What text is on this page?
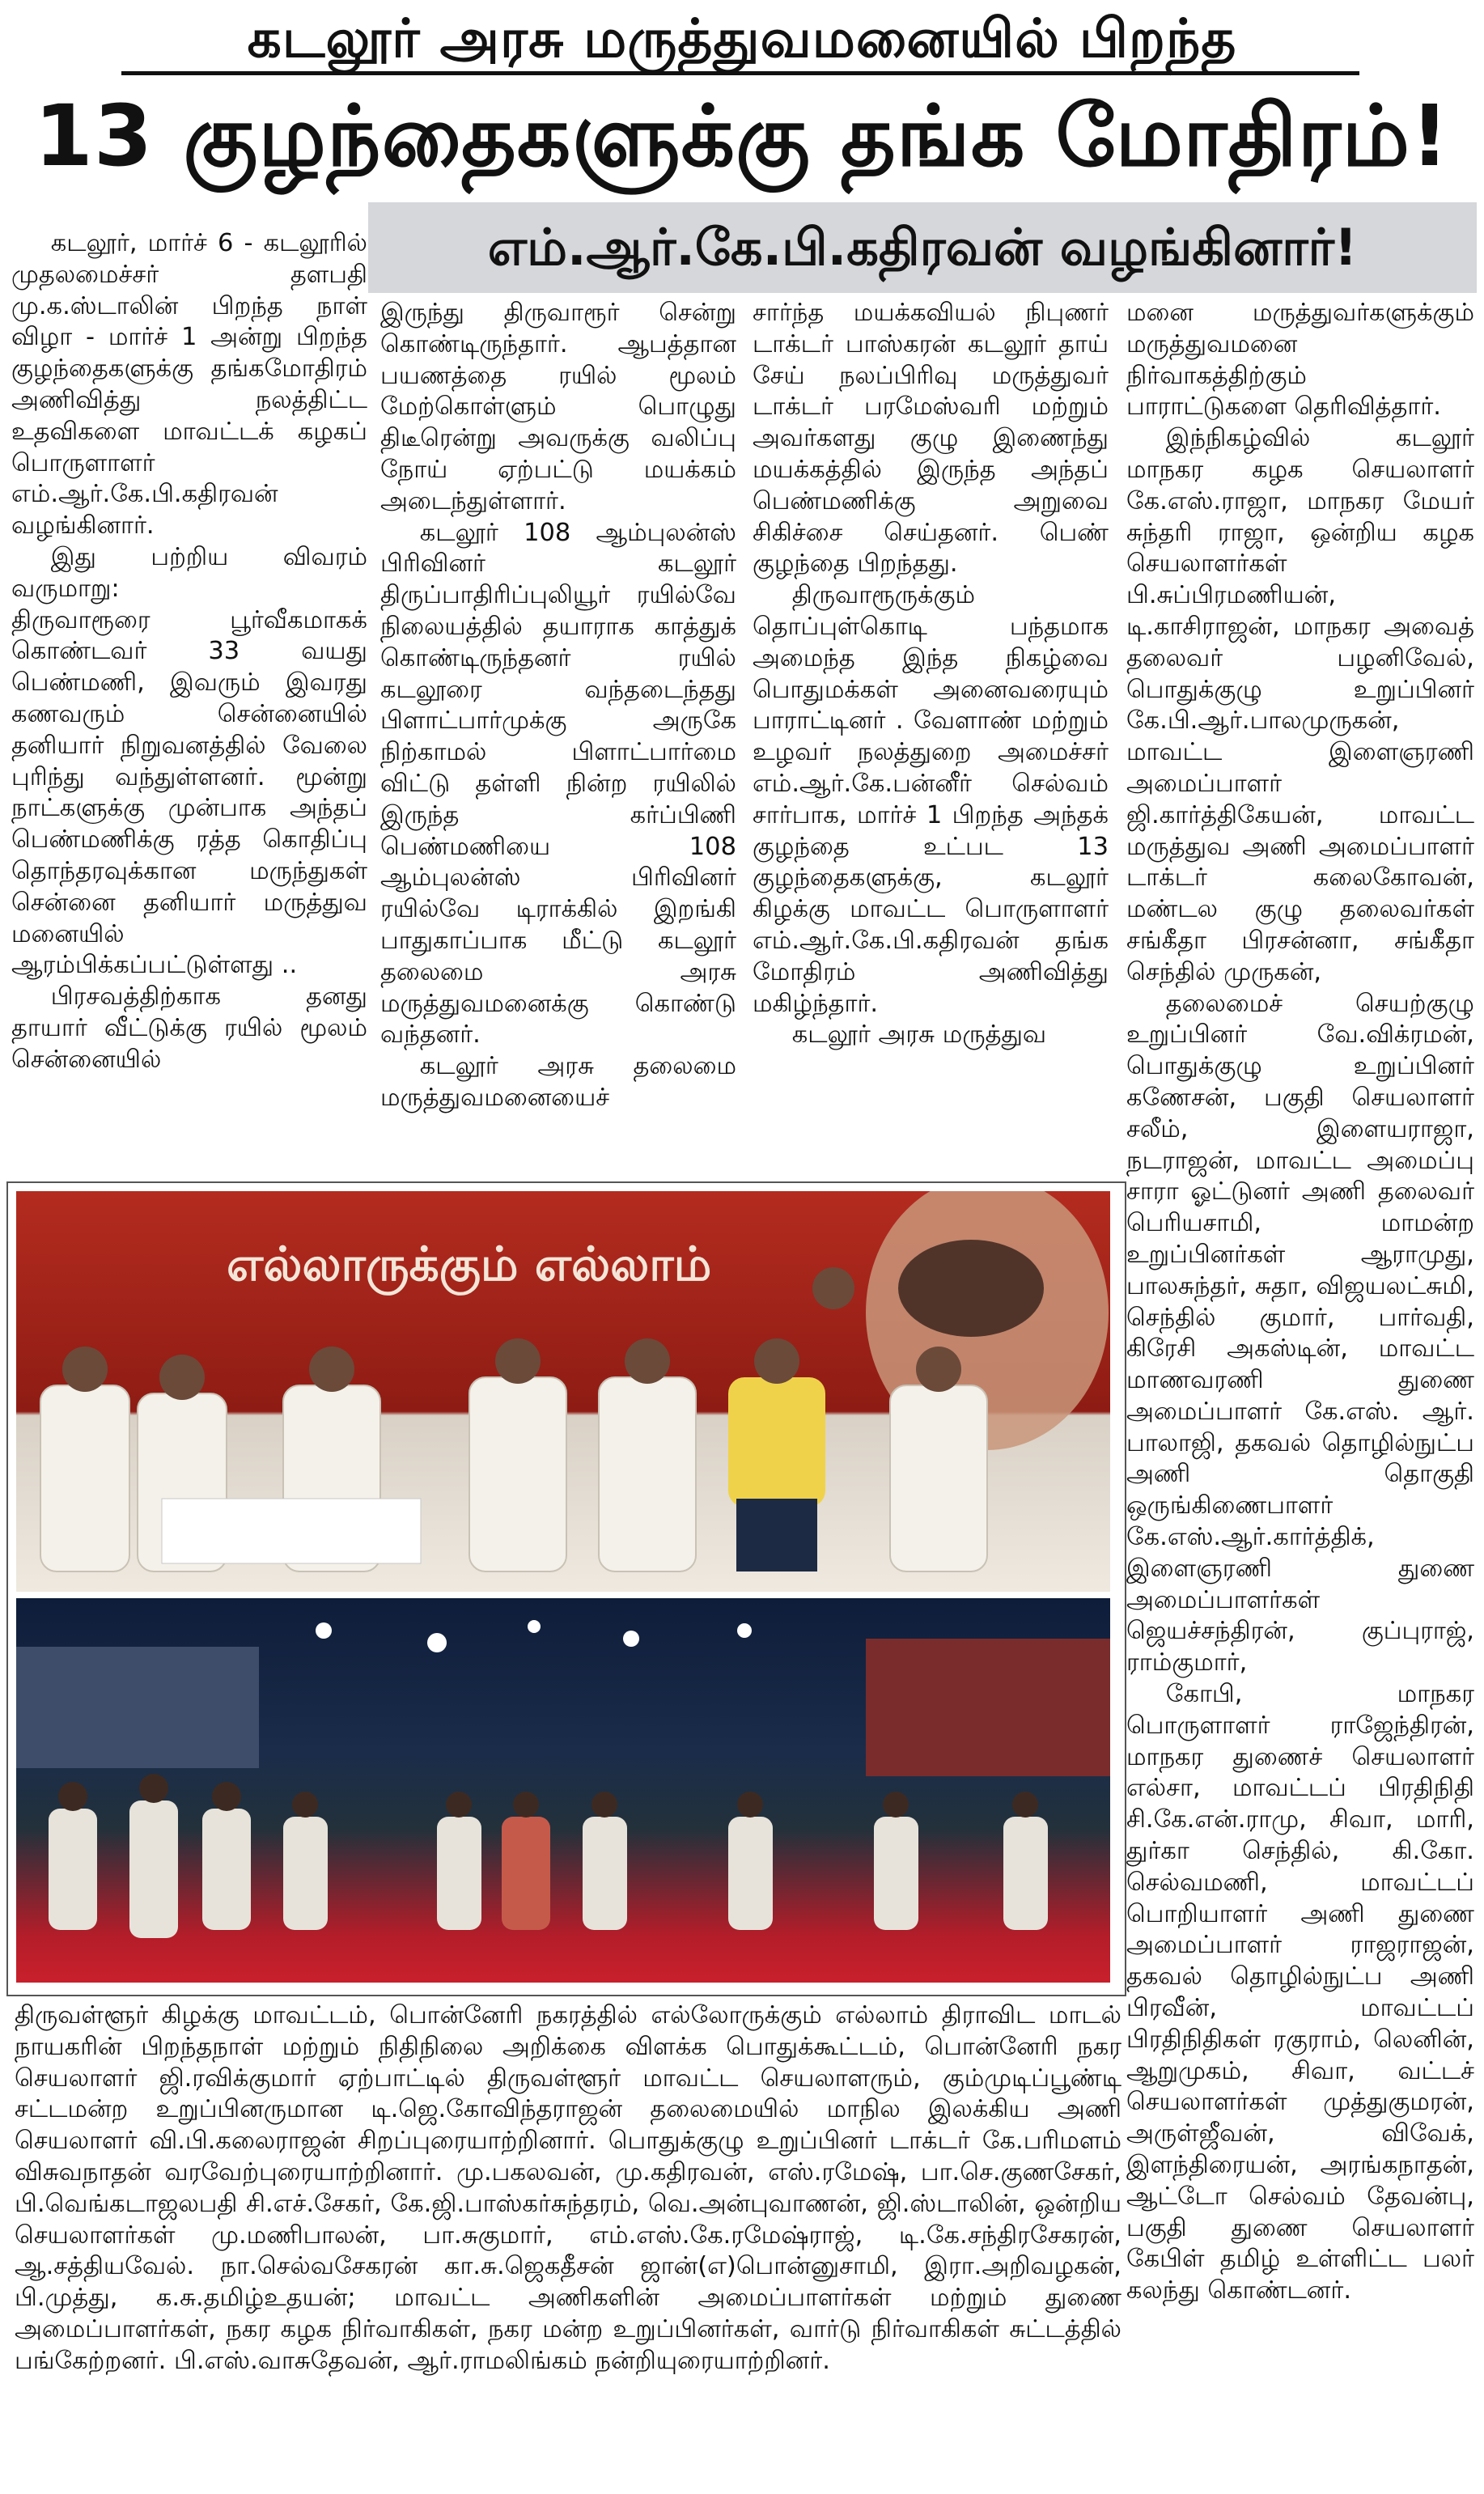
கடலூர் அரசு மருத்துவமனையில் பிறந்த
13 குழந்தைகளுக்கு தங்க மோதிரம்!
எம்.ஆர்.கே.பி.கதிரவன் வழங்கினார்!

கடலூர், மார்ச் 6 - கடலூரில் முதலமைச்சர் தளபதி மு.க.ஸ்டாலின் பிறந்த நாள் விழா - மார்ச் 1 அன்று பிறந்த குழந்தைகளுக்கு தங்கமோதிரம் அணிவித்து நலத்திட்ட உதவிகளை மாவட்டக் கழகப் பொருளாளர் எம்.ஆர்.கே.பி.கதிரவன் வழங்கினார்.

இது பற்றிய விவரம் வருமாறு:

திருவாரூரை பூர்வீகமாகக் கொண்டவர் 33 வயது பெண்மணி, இவரும் இவரது கணவரும் சென்னையில் தனியார் நிறுவனத்தில் வேலை புரிந்து வந்துள்ளனர். மூன்று நாட்களுக்கு முன்பாக அந்தப் பெண்மணிக்கு ரத்த கொதிப்பு தொந்தரவுக்கான மருந்துகள் சென்னை தனியார் மருத்துவ மனையில் ஆரம்பிக்கப்பட்டுள்ளது ..

பிரசவத்திற்காக தனது தாயார் வீட்டுக்கு ரயில் மூலம் சென்னையில்

இருந்து திருவாரூர் சென்று கொண்டிருந்தார். ஆபத்தான பயணத்தை ரயில் மூலம் மேற்கொள்ளும் பொழுது திடீரென்று அவருக்கு வலிப்பு நோய் ஏற்பட்டு மயக்கம் அடைந்துள்ளார்.

கடலூர் 108 ஆம்புலன்ஸ் பிரிவினர் கடலூர் திருப்பாதிரிப்புலியூர் ரயில்வே நிலையத்தில் தயாராக காத்துக் கொண்டிருந்தனர் ரயில் கடலூரை வந்தடைந்தது பிளாட்பார்முக்கு அருகே நிற்காமல் பிளாட்பார்மை விட்டு தள்ளி நின்ற ரயிலில் இருந்த கர்ப்பிணி பெண்மணியை 108 ஆம்புலன்ஸ் பிரிவினர் ரயில்வே டிராக்கில் இறங்கி பாதுகாப்பாக மீட்டு கடலூர் தலைமை அரசு மருத்துவமனைக்கு கொண்டு வந்தனர்.

கடலூர் அரசு தலைமை மருத்துவமனையைச்

சார்ந்த மயக்கவியல் நிபுணர் டாக்டர் பாஸ்கரன் கடலூர் தாய் சேய் நலப்பிரிவு மருத்துவர் டாக்டர் பரமேஸ்வரி மற்றும் அவர்களது குழு இணைந்து மயக்கத்தில் இருந்த அந்தப் பெண்மணிக்கு அறுவை சிகிச்சை செய்தனர். பெண் குழந்தை பிறந்தது.

திருவாரூருக்கும் தொப்புள்கொடி பந்தமாக அமைந்த இந்த நிகழ்வை பொதுமக்கள் அனைவரையும் பாராட்டினர் . வேளாண் மற்றும் உழவர் நலத்துறை அமைச்சர் எம்.ஆர்.கே.பன்னீர் செல்வம் சார்பாக, மார்ச் 1 பிறந்த அந்தக் குழந்தை உட்பட 13 குழந்தைகளுக்கு, கடலூர் கிழக்கு மாவட்ட பொருளாளர் எம்.ஆர்.கே.பி.கதிரவன் தங்க மோதிரம் அணிவித்து மகிழ்ந்தார்.

கடலூர் அரசு மருத்துவ

மனை மருத்துவர்களுக்கும் மருத்துவமனை நிர்வாகத்திற்கும் பாராட்டுகளை தெரிவித்தார்.

இந்நிகழ்வில் கடலூர் மாநகர கழக செயலாளர் கே.எஸ்.ராஜா, மாநகர மேயர் சுந்தரி ராஜா, ஒன்றிய கழக செயலாளர்கள் பி.சுப்பிரமணியன், டி.காசிராஜன், மாநகர அவைத் தலைவர் பழனிவேல், பொதுக்குழு உறுப்பினர் கே.பி.ஆர்.பாலமுருகன், மாவட்ட இளைஞரணி அமைப்பாளர் ஜி.கார்த்திகேயன், மாவட்ட மருத்துவ அணி அமைப்பாளர் டாக்டர் கலைகோவன், மண்டல குழு தலைவர்கள் சங்கீதா பிரசன்னா, சங்கீதா செந்தில் முருகன்,

தலைமைச் செயற்குழு உறுப்பினர் வே.விக்ரமன், பொதுக்குழு உறுப்பினர் கணேசன், பகுதி செயலாளர் சலீம், இளையராஜா, நடராஜன், மாவட்ட அமைப்பு சாரா ஓட்டுனர் அணி தலைவர் பெரியசாமி, மாமன்ற உறுப்பினர்கள் ஆராமுது, பாலசுந்தர், சுதா, விஜயலட்சுமி, செந்தில் குமார், பார்வதி, கிரேசி அகஸ்டின், மாவட்ட மாணவரணி துணை அமைப்பாளர் கே.எஸ். ஆர். பாலாஜி, தகவல் தொழில்நுட்ப அணி தொகுதி ஒருங்கிணைபாளர் கே.எஸ்.ஆர்.கார்த்திக், இளைஞரணி துணை அமைப்பாளர்கள் ஜெயச்சந்திரன், குப்புராஜ், ராம்குமார்,

கோபி, மாநகர பொருளாளர் ராஜேந்திரன், மாநகர துணைச் செயலாளர் எல்சா, மாவட்டப் பிரதிநிதி சி.கே.என்.ராமு, சிவா, மாரி, துர்கா செந்தில், கி.கோ. செல்வமணி, மாவட்டப் பொறியாளர் அணி துணை அமைப்பாளர் ராஜராஜன், தகவல் தொழில்நுட்ப அணி பிரவீன், மாவட்டப் பிரதிநிதிகள் ரகுராம், லெனின், ஆறுமுகம், சிவா, வட்டச் செயலாளர்கள் முத்துகுமரன், அருள்ஜீவன், விவேக், இளந்திரையன், அரங்கநாதன், ஆட்டோ செல்வம் தேவன்பு, பகுதி துணை செயலாளர் கேபிள் தமிழ் உள்ளிட்ட பலர் கலந்து கொண்டனர்.

எல்லாருக்கும் எல்லாம்

திருவள்ளூர் கிழக்கு மாவட்டம், பொன்னேரி நகரத்தில் எல்லோருக்கும் எல்லாம் திராவிட மாடல் நாயகரின் பிறந்தநாள் மற்றும் நிதிநிலை அறிக்கை விளக்க பொதுக்கூட்டம், பொன்னேரி நகர செயலாளர் ஜி.ரவிக்குமார் ஏற்பாட்டில் திருவள்ளூர் மாவட்ட செயலாளரும், கும்முடிப்பூண்டி சட்டமன்ற உறுப்பினருமான டி.ஜெ.கோவிந்தராஜன் தலைமையில் மாநில இலக்கிய அணி செயலாளர் வி.பி.கலைராஜன் சிறப்புரையாற்றினார். பொதுக்குழு உறுப்பினர் டாக்டர் கே.பரிமளம் விசுவநாதன் வரவேற்புரையாற்றினார். மு.பகலவன், மு.கதிரவன், எஸ்.ரமேஷ், பா.செ.குணசேகர், பி.வெங்கடாஜலபதி சி.எச்.சேகர், கே.ஜி.பாஸ்கர்சுந்தரம், வெ.அன்புவாணன், ஜி.ஸ்டாலின், ஒன்றிய செயலாளர்கள் மு.மணிபாலன், பா.சுகுமார், எம்.எஸ்.கே.ரமேஷ்ராஜ், டி.கே.சந்திரசேகரன், ஆ.சத்தியவேல். நா.செல்வசேகரன் கா.சு.ஜெகதீசன் ஜான்(எ)பொன்னுசாமி, இரா.அறிவழகன், பி.முத்து, க.சு.தமிழ்உதயன்; மாவட்ட அணிகளின் அமைப்பாளர்கள் மற்றும் துணை அமைப்பாளர்கள், நகர கழக நிர்வாகிகள், நகர மன்ற உறுப்பினர்கள், வார்டு நிர்வாகிகள் சுட்டத்தில் பங்கேற்றனர். பி.எஸ்.வாசுதேவன், ஆர்.ராமலிங்கம் நன்றியுரையாற்றினர்.
